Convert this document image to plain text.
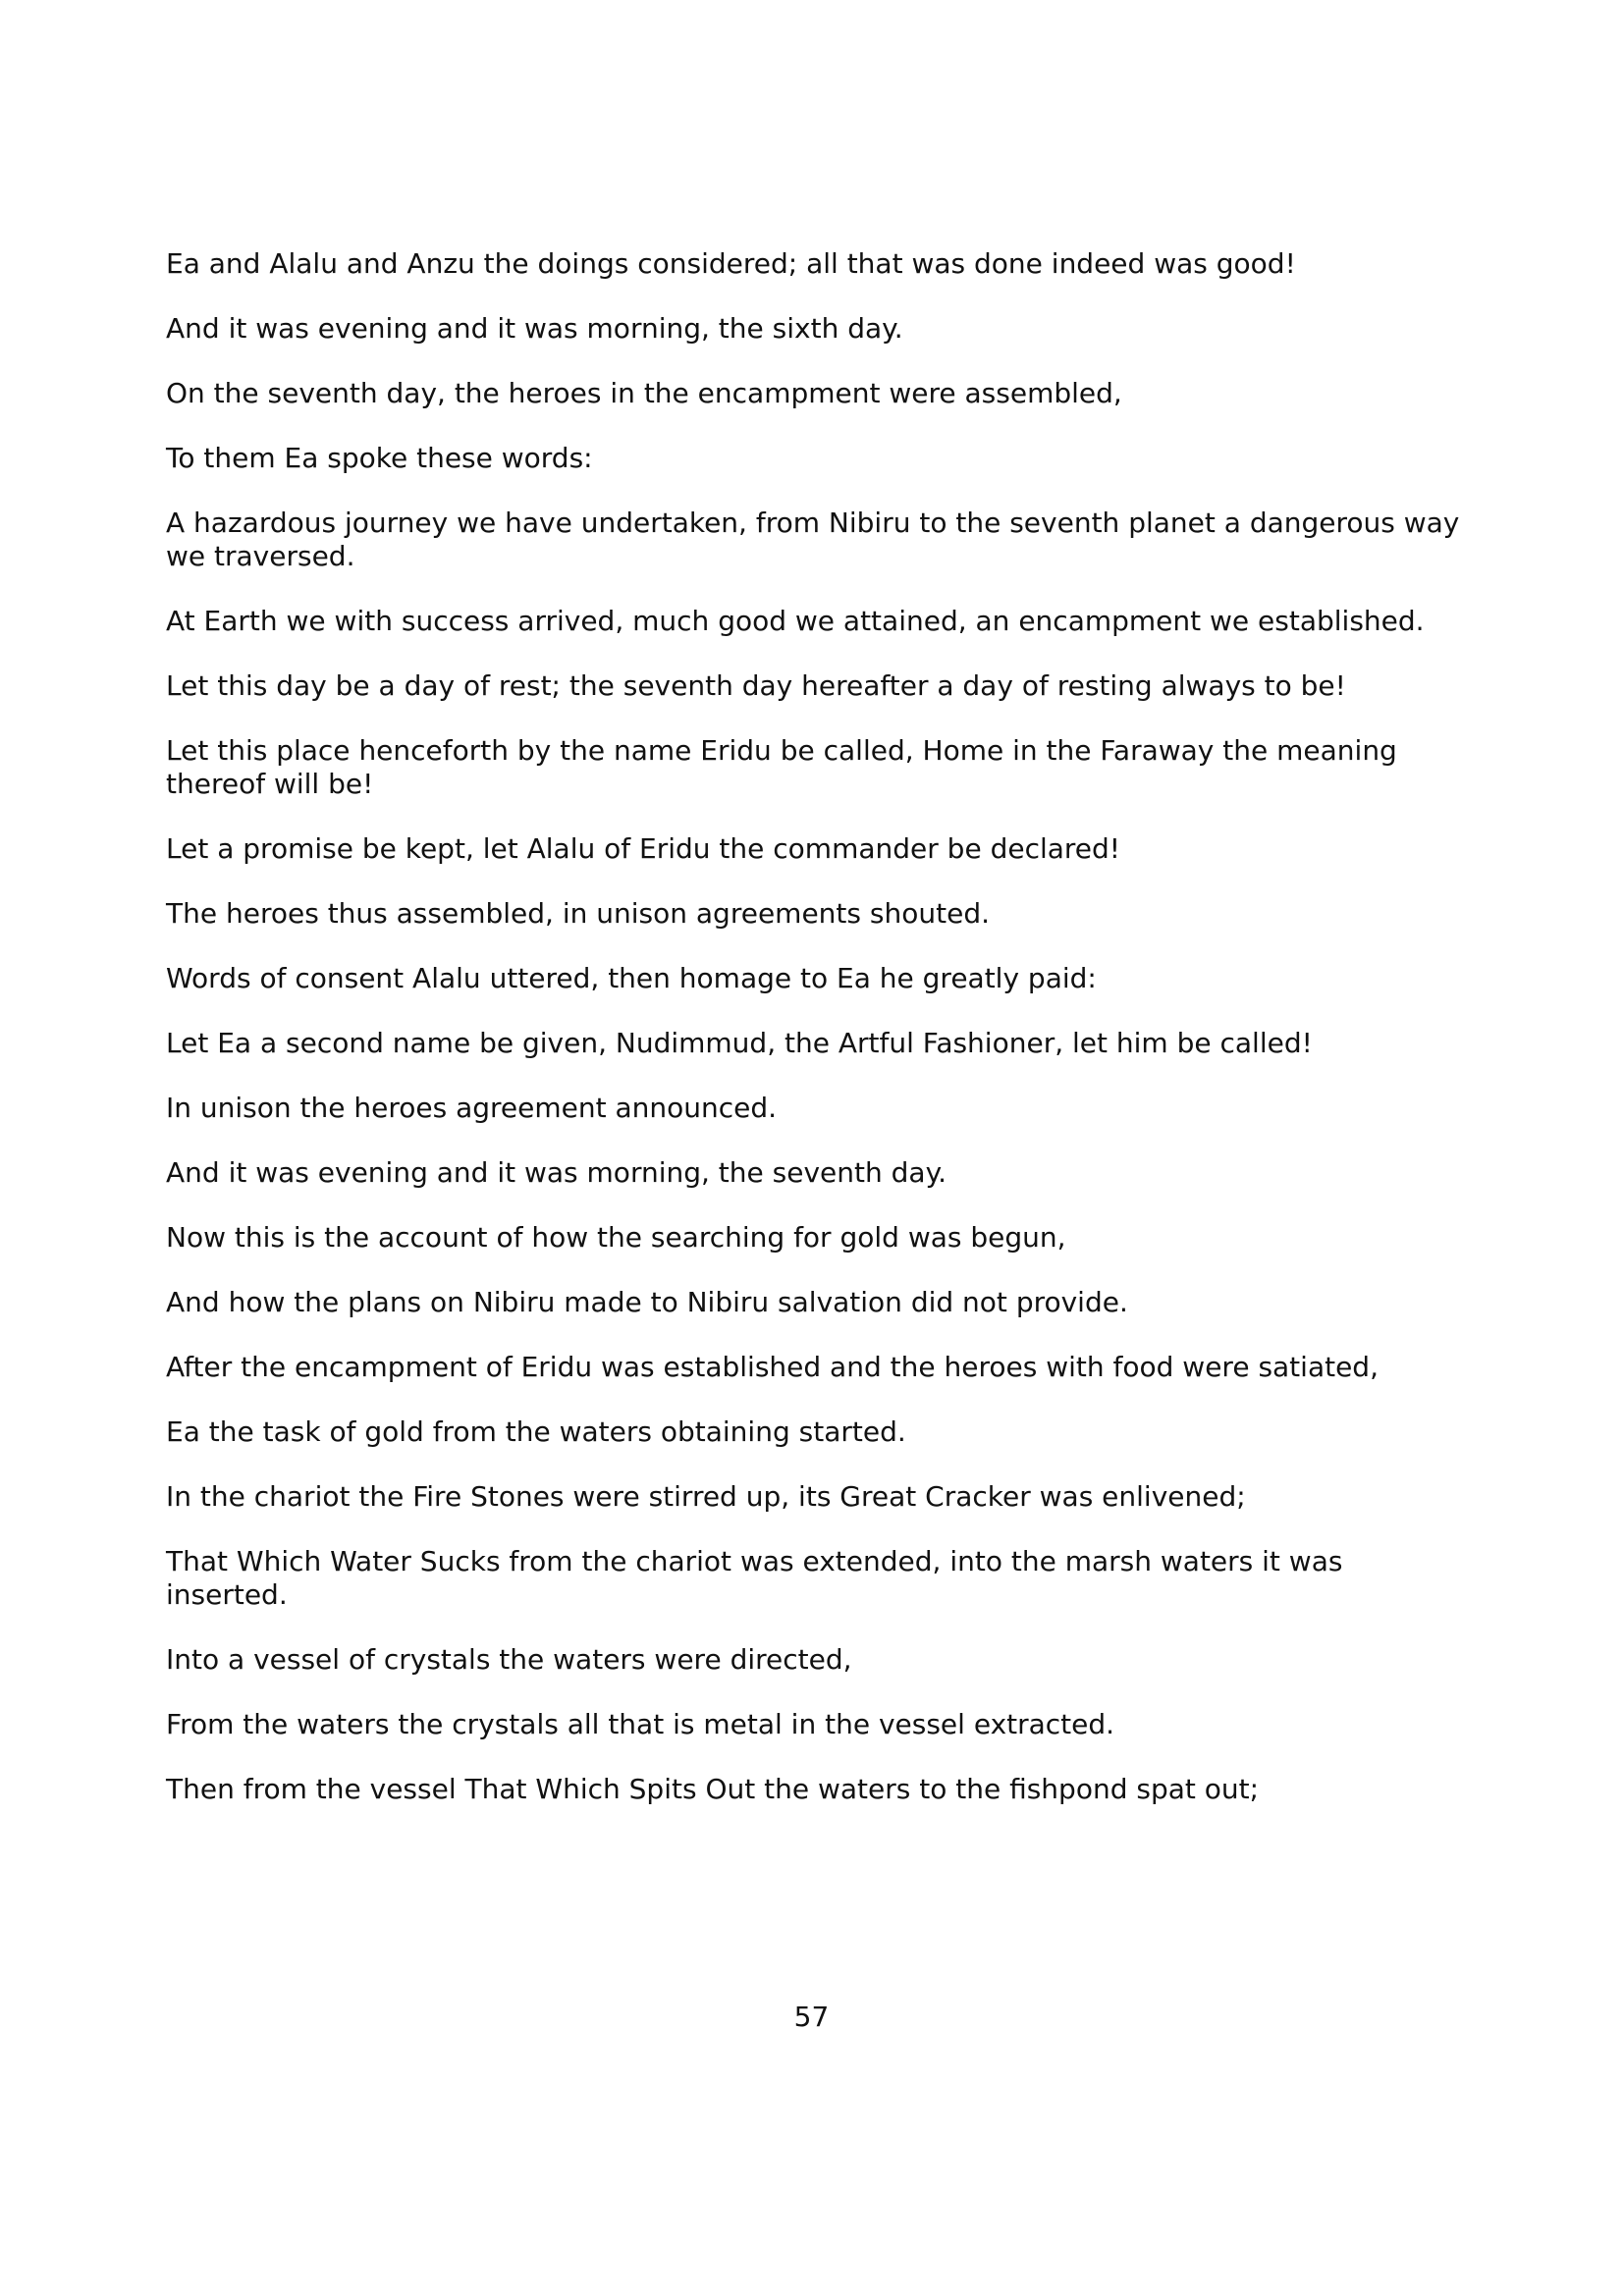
Ea and Alalu and Anzu the doings considered; all that was done indeed was good!

And it was evening and it was morning, the sixth day.

On the seventh day, the heroes in the encampment were assembled,

To them Ea spoke these words:

A hazardous journey we have undertaken, from Nibiru to the seventh planet a dangerous way we traversed.

At Earth we with success arrived, much good we attained, an encampment we established.

Let this day be a day of rest; the seventh day hereafter a day of resting always to be!

Let this place henceforth by the name Eridu be called, Home in the Faraway the meaning thereof will be!

Let a promise be kept, let Alalu of Eridu the commander be declared!

The heroes thus assembled, in unison agreements shouted.

Words of consent Alalu uttered, then homage to Ea he greatly paid:

Let Ea a second name be given, Nudimmud, the Artful Fashioner, let him be called!

In unison the heroes agreement announced.

And it was evening and it was morning, the seventh day.

Now this is the account of how the searching for gold was begun,

And how the plans on Nibiru made to Nibiru salvation did not provide.

After the encampment of Eridu was established and the heroes with food were satiated,

Ea the task of gold from the waters obtaining started.

In the chariot the Fire Stones were stirred up, its Great Cracker was enlivened;

That Which Water Sucks from the chariot was extended, into the marsh waters it was inserted.

Into a vessel of crystals the waters were directed,

From the waters the crystals all that is metal in the vessel extracted.

Then from the vessel That Which Spits Out the waters to the fishpond spat out;

57
